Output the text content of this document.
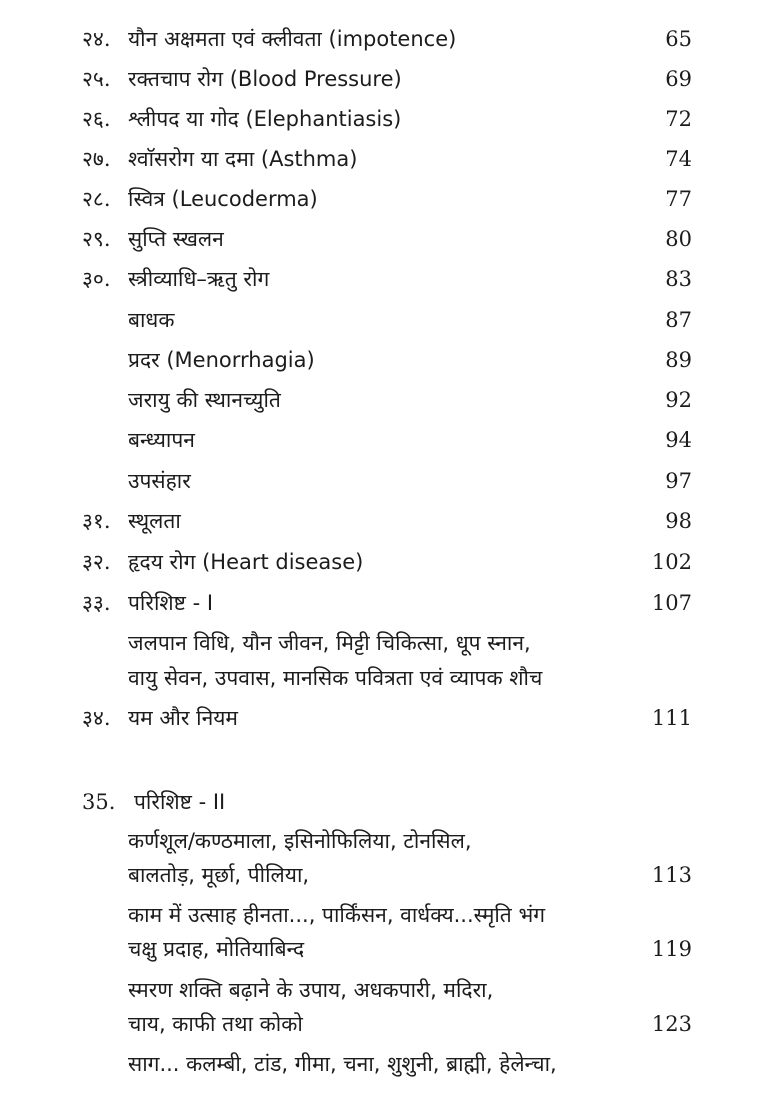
२४. यौन अक्षमता एवं क्लीवता (impotence)	65
२५. रक्तचाप रोग (Blood Pressure)	69
२६. श्लीपद या गोद (Elephantiasis)	72
२७. श्वाॅसरोग या दमा (Asthma)	74
२८. स्वित्र (Leucoderma)	77
२९. सुप्ति स्खलन	80
३०. स्त्रीव्याधि–ऋतु रोग	83
बाधक	87
प्रदर (Menorrhagia)	89
जरायु की स्थानच्युति	92
बन्ध्यापन	94
उपसंहार	97
३१. स्थूलता	98
३२. हृदय रोग (Heart disease)	102
३३. परिशिष्ट - I	107
जलपान विधि, यौन जीवन, मिट्टी चिकित्सा, धूप स्नान,
वायु सेवन, उपवास, मानसिक पवित्रता एवं व्यापक शौच
३४. यम और नियम	111
35. परिशिष्ट - II
कर्णशूल/कण्ठमाला, इसिनोफिलिया, टोनसिल,
बालतोड़, मूर्छा, पीलिया,	113
काम में उत्साह हीनता..., पार्किंसन, वार्धक्य...स्मृति भंग
चक्षु प्रदाह, मोतियाबिन्द	119
स्मरण शक्ति बढ़ाने के उपाय, अधकपारी, मदिरा,
चाय, काफी तथा कोको	123
साग... कलम्बी, टांड, गीमा, चना, शुशुनी, ब्राह्मी, हेलेन्चा,
